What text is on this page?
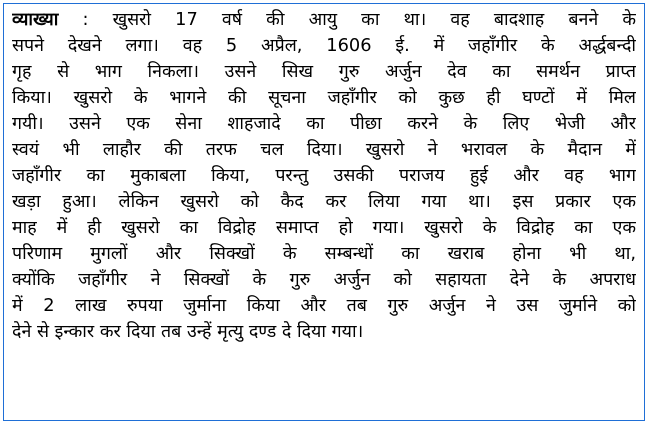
व्याख्या : खुसरो 17 वर्ष की आयु का था। वह बादशाह बनने के
सपने देखने लगा। वह 5 अप्रैल, 1606 ई. में जहाँगीर के अर्द्धबन्दी
गृह से भाग निकला। उसने सिख गुरु अर्जुन देव का समर्थन प्राप्त
किया। खुसरो के भागने की सूचना जहाँगीर को कुछ ही घण्टों में मिल
गयी। उसने एक सेना शाहजादे का पीछा करने के लिए भेजी और
स्वयं भी लाहौर की तरफ चल दिया। खुसरो ने भरावल के मैदान में
जहाँगीर का मुकाबला किया, परन्तु उसकी पराजय हुई और वह भाग
खड़ा हुआ। लेकिन खुसरो को कैद कर लिया गया था। इस प्रकार एक
माह में ही खुसरो का विद्रोह समाप्त हो गया। खुसरो के विद्रोह का एक
परिणाम मुगलों और सिक्खों के सम्बन्धों का खराब होना भी था,
क्योंकि जहाँगीर ने सिक्खों के गुरु अर्जुन को सहायता देने के अपराध
में 2 लाख रुपया जुर्माना किया और तब गुरु अर्जुन ने उस जुर्माने को
देने से इन्कार कर दिया तब उन्हें मृत्यु दण्ड दे दिया गया।
